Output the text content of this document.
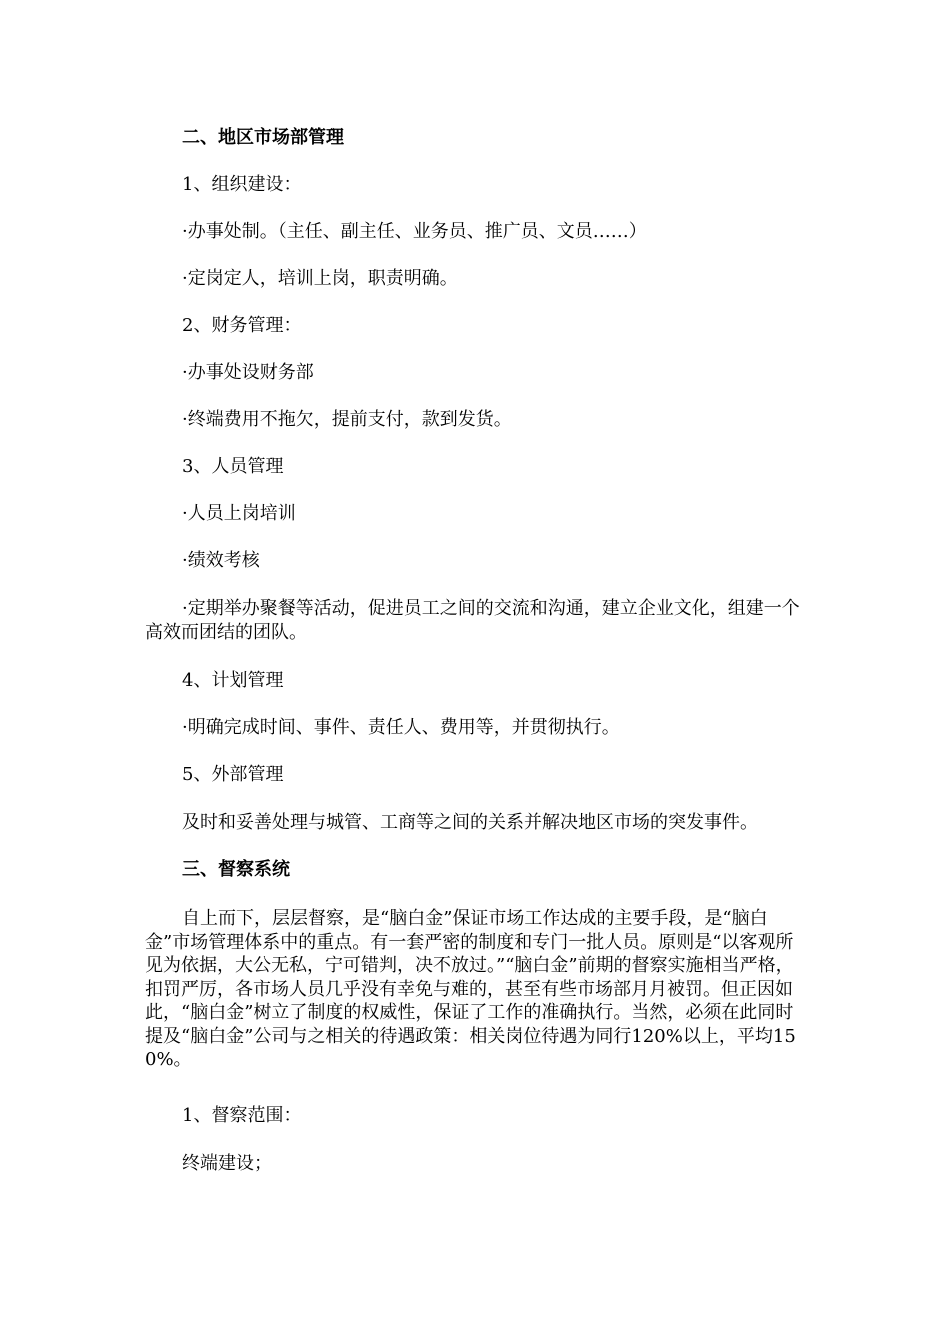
二、地区市场部管理

1、组织建设：

·办事处制。（主任、副主任、业务员、推广员、文员……）

·定岗定人，培训上岗，职责明确。

2、财务管理：

·办事处设财务部

·终端费用不拖欠，提前支付，款到发货。

3、人员管理

·人员上岗培训

·绩效考核

·定期举办聚餐等活动，促进员工之间的交流和沟通，建立企业文化，组建一个高效而团结的团队。

4、计划管理

·明确完成时间、事件、责任人、费用等，并贯彻执行。

5、外部管理

及时和妥善处理与城管、工商等之间的关系并解决地区市场的突发事件。

三、督察系统

自上而下，层层督察，是“脑白金”保证市场工作达成的主要手段，是“脑白金”市场管理体系中的重点。有一套严密的制度和专门一批人员。原则是“以客观所见为依据，大公无私，宁可错判，决不放过。”“脑白金”前期的督察实施相当严格，扣罚严厉，各市场人员几乎没有幸免与难的，甚至有些市场部月月被罚。但正因如此，“脑白金”树立了制度的权威性，保证了工作的准确执行。当然，必须在此同时提及“脑白金”公司与之相关的待遇政策：相关岗位待遇为同行120%以上，平均150%。

1、督察范围：

终端建设；
